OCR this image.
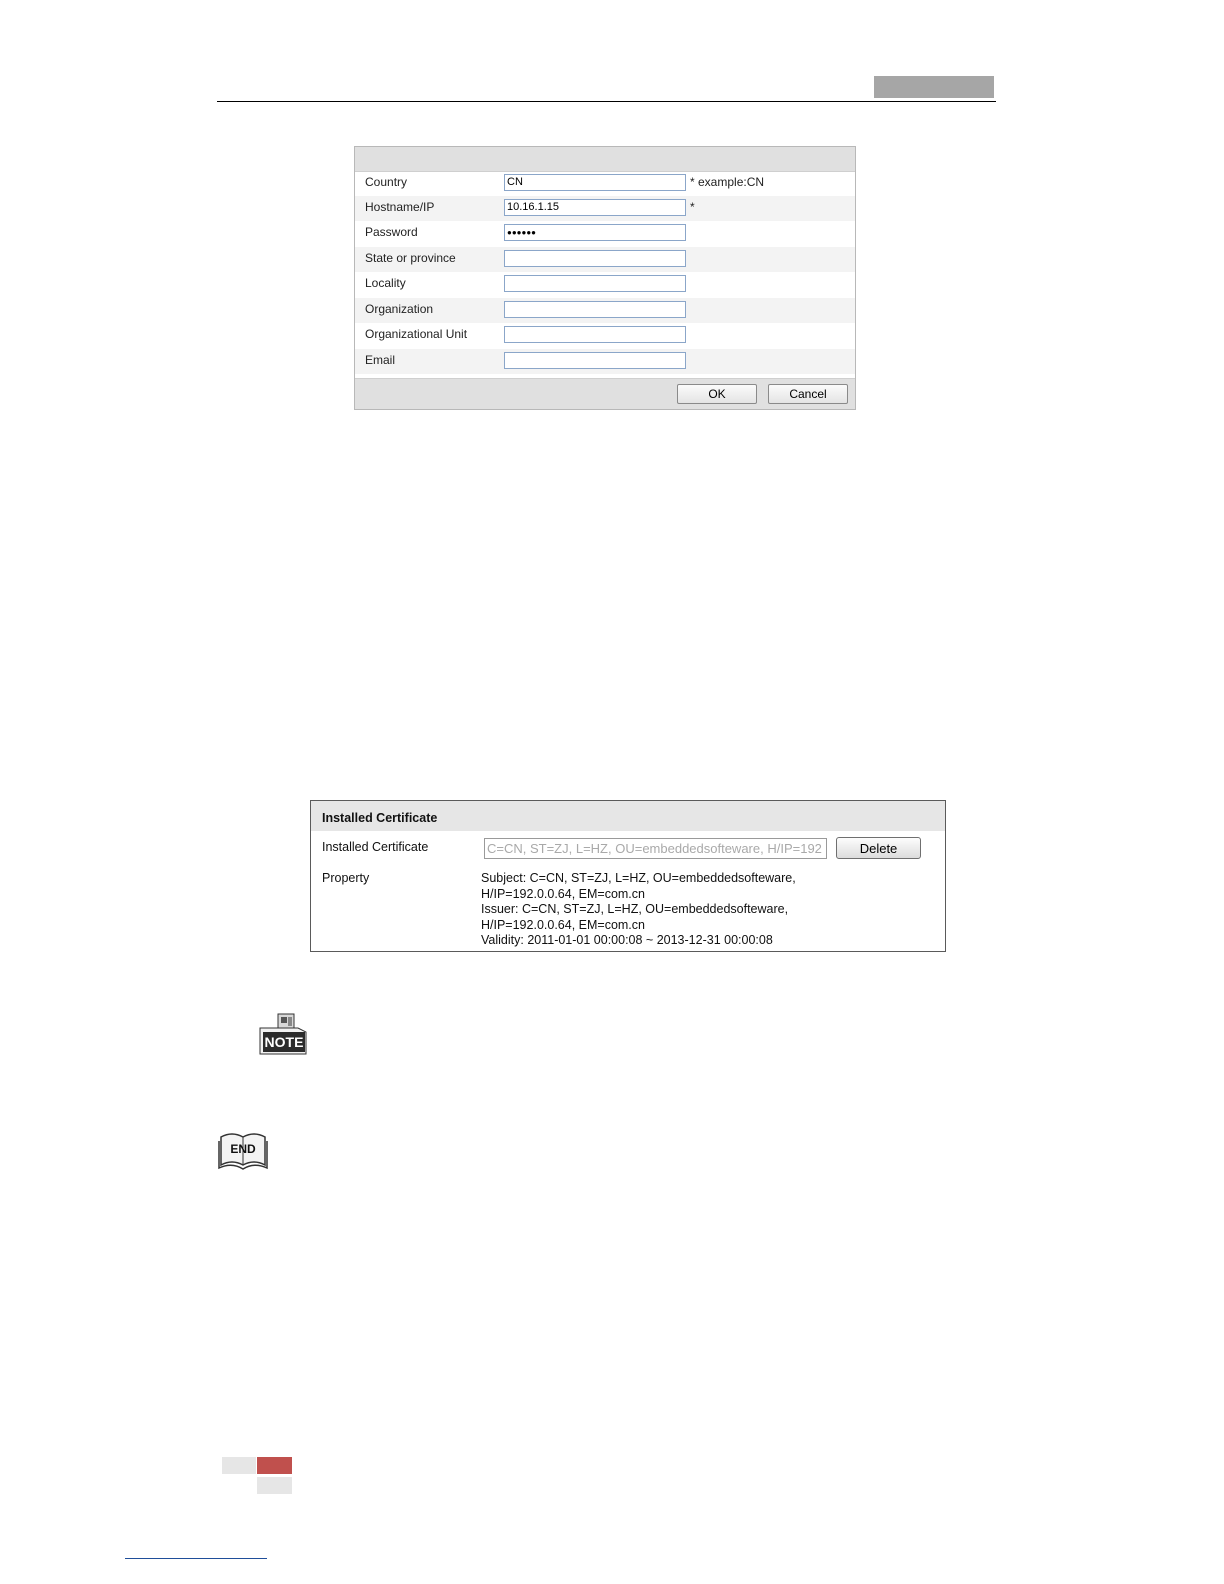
Country	CN	* example:CN
Hostname/IP	10.16.1.15	*
Password	●●●●●●
State or province
Locality
Organization
Organizational Unit
Email
OK	Cancel
Installed Certificate
Installed Certificate	C=CN, ST=ZJ, L=HZ, OU=embeddedsofteware, H/IP=192	Delete
Property	Subject: C=CN, ST=ZJ, L=HZ, OU=embeddedsofteware,
H/IP=192.0.0.64, EM=com.cn
Issuer: C=CN, ST=ZJ, L=HZ, OU=embeddedsofteware,
H/IP=192.0.0.64, EM=com.cn
Validity: 2011-01-01 00:00:08 ~ 2013-12-31 00:00:08
NOTE
END
